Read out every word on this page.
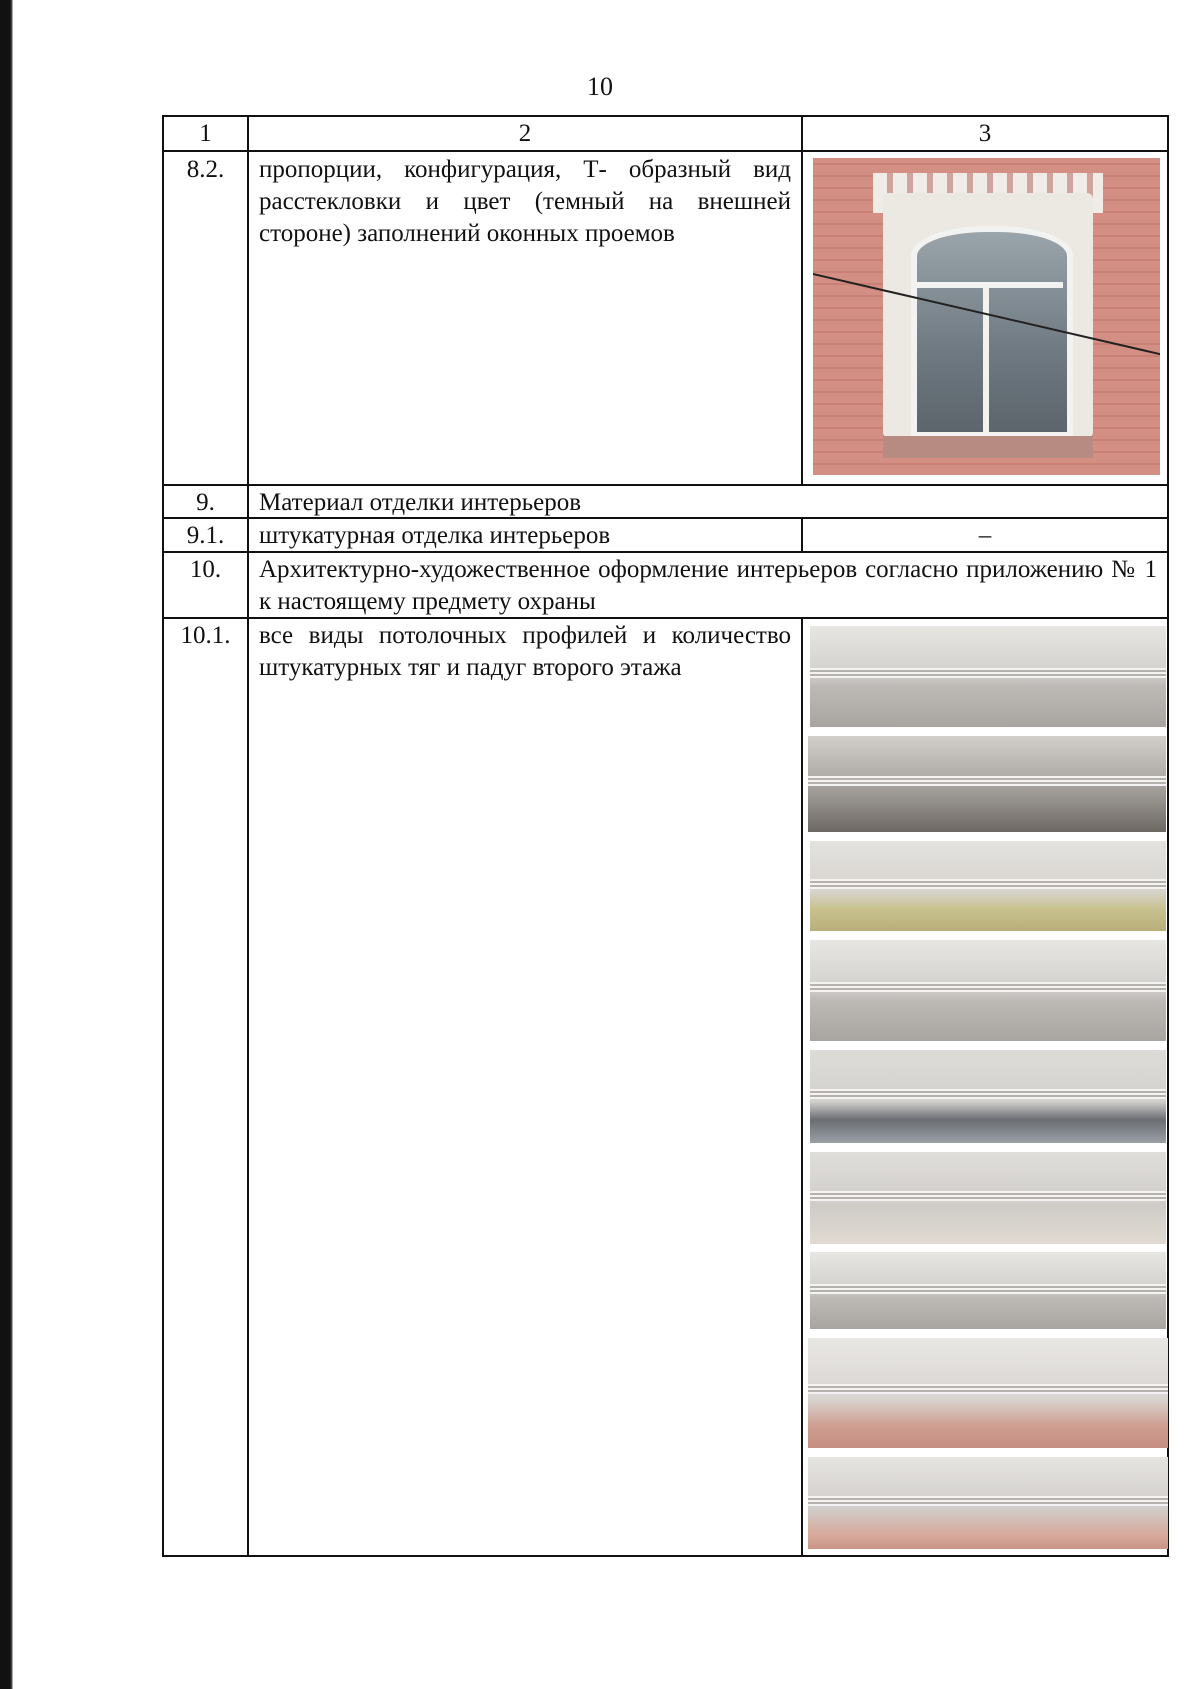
10
1	2	3
8.2.	пропорции, конфигурация, Т- образный вид расстекловки и цвет (темный на внешней стороне) заполнений оконных проемов
9.	Материал отделки интерьеров
9.1.	штукатурная отделка интерьеров	–
10.	Архитектурно-художественное оформление интерьеров согласно приложению № 1 к настоящему предмету охраны
10.1.	все виды потолочных профилей и количество штукатурных тяг и падуг второго этажа
